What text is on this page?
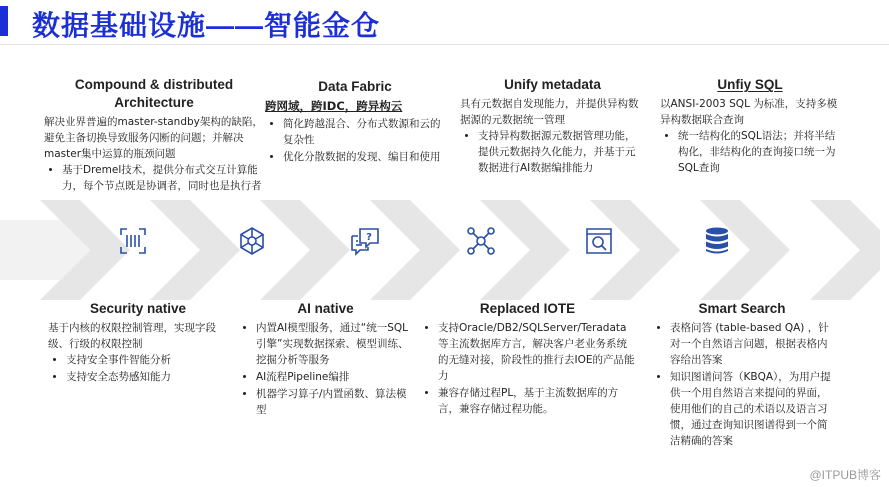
数据基础设施——智能金仓
?
Compound & distributed
Architecture

解决业界普遍的master-standby架构的缺陷，避免主备切换导致服务闪断的问题；并解决master集中运算的瓶颈问题

• 基于Dremel技术，提供分布式交互计算能力，每个节点既是协调者，同时也是执行者
Data Fabric
跨网域，跨IDC，跨异构云
• 简化跨越混合、分布式数源和云的复杂性
• 优化分散数据的发现、编目和使用
Unify metadata

具有元数据自发现能力，并提供异构数据源的元数据统一管理

• 支持异构数据源元数据管理功能，提供元数据持久化能力，并基于元数据进行AI数据编排能力
Unfiy SQL

以ANSI-2003 SQL 为标准，支持多模异构数据联合查询

• 统一结构化的SQL语法；并将半结构化，非结构化的查询接口统一为SQL查询
Security native

基于内核的权限控制管理，实现字段级、行级的权限控制

• 支持安全事件智能分析
• 支持安全态势感知能力
AI native
• 内置AI模型服务，通过“统一SQL引擎”实现数据探索、模型训练、挖掘分析等服务
• AI流程Pipeline编排
• 机器学习算子/内置函数、算法模型
Replaced IOTE
• 支持Oracle/DB2/SQLServer/Teradata等主流数据库方言，解决客户老业务系统的无缝对接，阶段性的推行去IOE的产品能力
• 兼容存储过程PL，基于主流数据库的方言，兼容存储过程功能。
Smart Search
• 表格问答 (table-based QA) ，针对一个自然语言问题，根据表格内容给出答案
• 知识图谱问答（KBQA），为用户提供一个用自然语言来提问的界面，使用他们的自己的术语以及语言习惯，通过查询知识图谱得到一个简洁精确的答案
@ITPUB博客
